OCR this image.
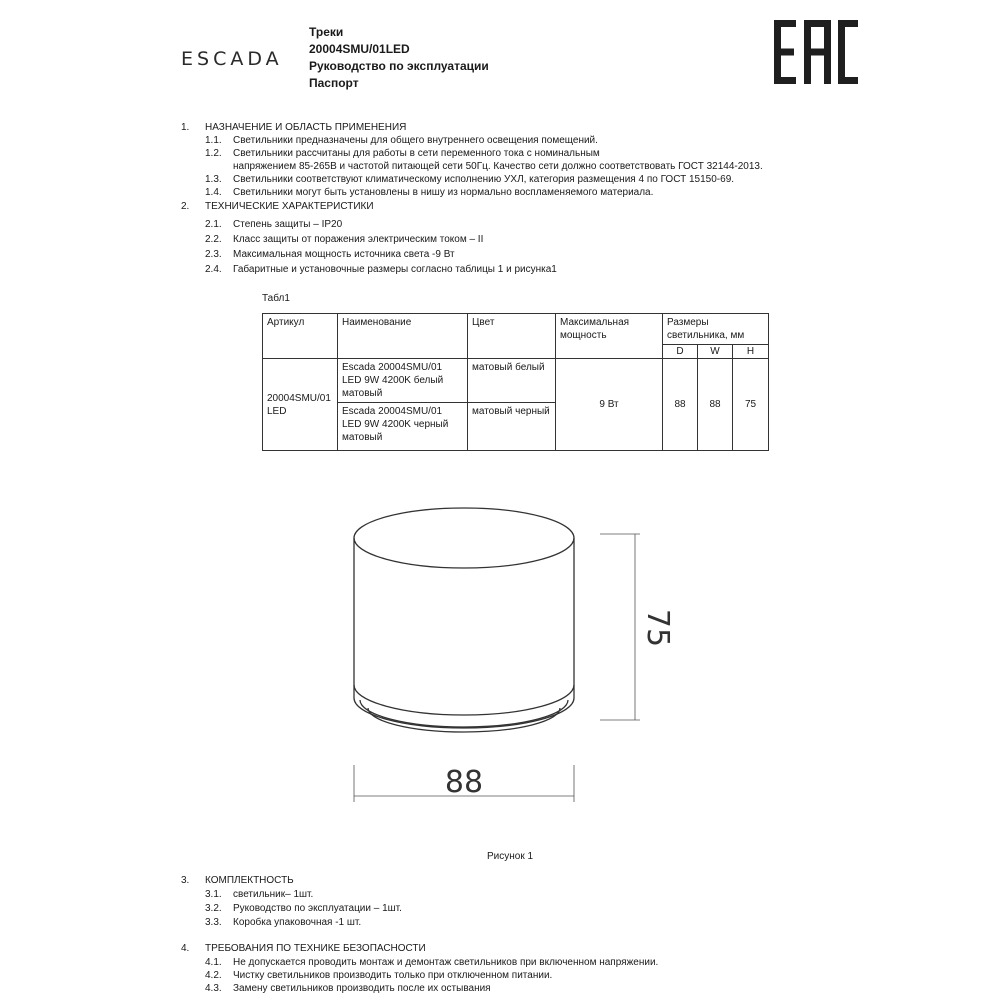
ESCADA
Треки
20004SMU/01LED
Руководство по эксплуатации
Паспорт
1. НАЗНАЧЕНИЕ И ОБЛАСТЬ ПРИМЕНЕНИЯ
1.1. Светильники предназначены для общего внутреннего освещения помещений.
1.2. Светильники рассчитаны для работы в сети переменного тока с номинальным
напряжением 85-265В и частотой питающей сети 50Гц. Качество сети должно соответствовать ГОСТ 32144-2013.
1.3. Светильники соответствуют климатическому исполнению УХЛ, категория размещения 4 по ГОСТ 15150-69.
1.4. Светильники могут быть установлены в нишу из нормально воспламеняемого материала.
2. ТЕХНИЧЕСКИЕ ХАРАКТЕРИСТИКИ
2.1. Степень защиты – IP20
2.2. Класс защиты от поражения электрическим током – II
2.3. Максимальная мощность источника света -9 Вт
2.4. Габаритные и установочные размеры согласно таблицы 1 и рисунка1
Табл1
Артикул	Наименование	Цвет	Максимальная мощность	Размеры светильника, мм		
				D	W	H
20004SMU/01 LED	Escada 20004SMU/01 LED 9W 4200K белый матовый	матовый белый	9 Вт	88	88	75
	Escada 20004SMU/01 LED 9W 4200K черный матовый	матовый черный				
75
88
Рисунок 1
3. КОМПЛЕКТНОСТЬ
3.1. светильник– 1шт.
3.2. Руководство по эксплуатации – 1шт.
3.3. Коробка упаковочная -1 шт.
4. ТРЕБОВАНИЯ ПО ТЕХНИКЕ БЕЗОПАСНОСТИ
4.1. Не допускается проводить монтаж и демонтаж светильников при включенном напряжении.
4.2. Чистку светильников производить только при отключенном питании.
4.3. Замену светильников производить после их остывания
